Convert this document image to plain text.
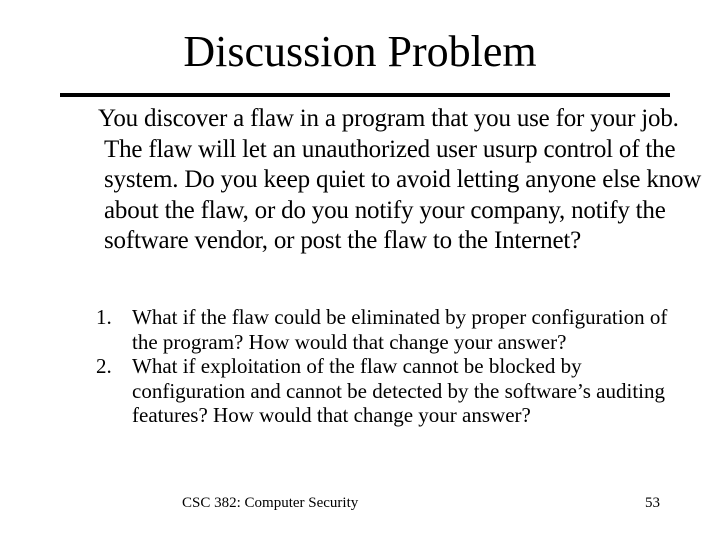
Discussion Problem

You discover a flaw in a program that you use for your job. The flaw will let an unauthorized user usurp control of the system. Do you keep quiet to avoid letting anyone else know about the flaw, or do you notify your company, notify the software vendor, or post the flaw to the Internet?

1. What if the flaw could be eliminated by proper configuration of the program? How would that change your answer?
2. What if exploitation of the flaw cannot be blocked by configuration and cannot be detected by the software’s auditing features? How would that change your answer?
CSC 382: Computer Security	53
